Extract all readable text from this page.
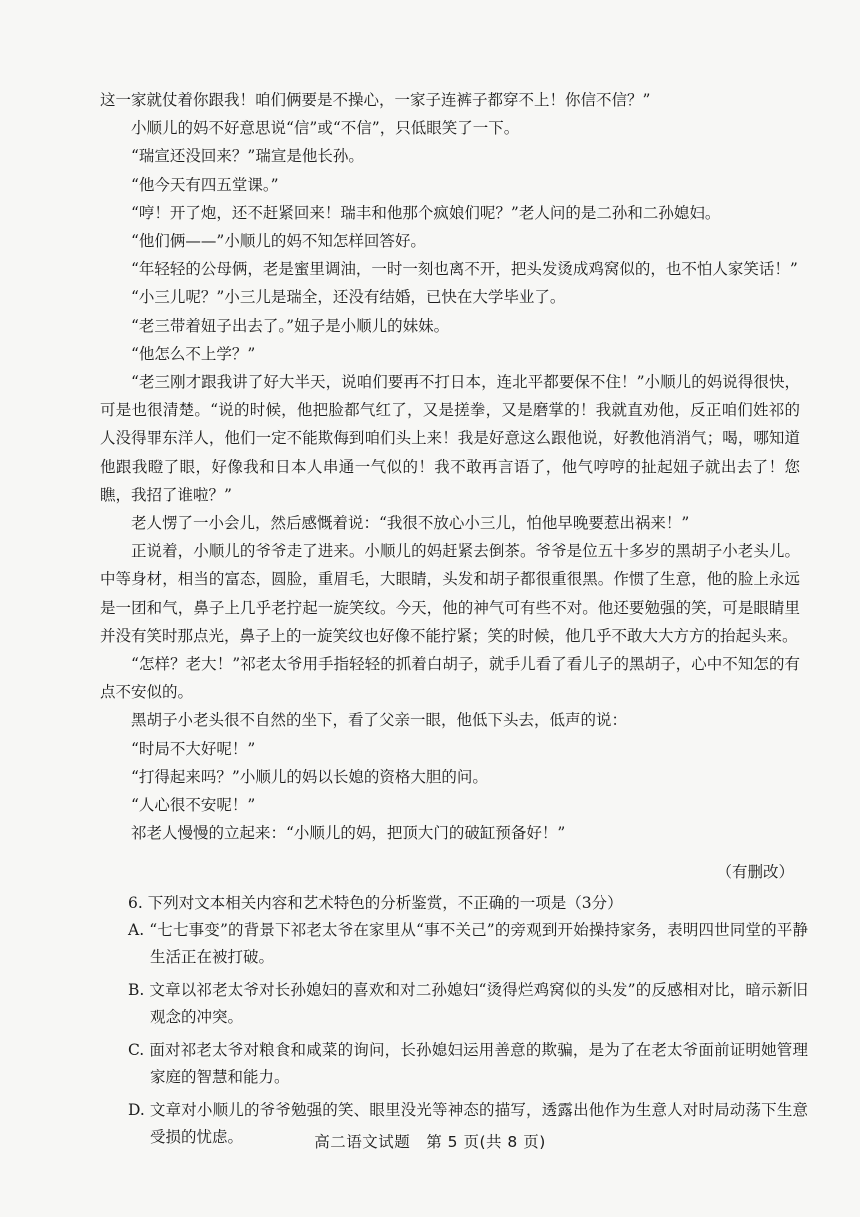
这一家就仗着你跟我！咱们俩要是不操心，一家子连裤子都穿不上！你信不信？”

小顺儿的妈不好意思说“信”或“不信”，只低眼笑了一下。

“瑞宣还没回来？”瑞宣是他长孙。

“他今天有四五堂课。”

“哼！开了炮，还不赶紧回来！瑞丰和他那个疯娘们呢？”老人问的是二孙和二孙媳妇。

“他们俩——”小顺儿的妈不知怎样回答好。

“年轻轻的公母俩，老是蜜里调油，一时一刻也离不开，把头发烫成鸡窝似的，也不怕人家笑话！”

“小三儿呢？”小三儿是瑞全，还没有结婚，已快在大学毕业了。

“老三带着妞子出去了。”妞子是小顺儿的妹妹。

“他怎么不上学？”

“老三刚才跟我讲了好大半天，说咱们要再不打日本，连北平都要保不住！”小顺儿的妈说得很快，可是也很清楚。“说的时候，他把脸都气红了，又是搓拳，又是磨掌的！我就直劝他，反正咱们姓祁的人没得罪东洋人，他们一定不能欺侮到咱们头上来！我是好意这么跟他说，好教他消消气；喝，哪知道他跟我瞪了眼，好像我和日本人串通一气似的！我不敢再言语了，他气哼哼的扯起妞子就出去了！您瞧，我招了谁啦？”

老人愣了一小会儿，然后感慨着说：“我很不放心小三儿，怕他早晚要惹出祸来！”

正说着，小顺儿的爷爷走了进来。小顺儿的妈赶紧去倒茶。爷爷是位五十多岁的黑胡子小老头儿。中等身材，相当的富态，圆脸，重眉毛，大眼睛，头发和胡子都很重很黑。作惯了生意，他的脸上永远是一团和气，鼻子上几乎老拧起一旋笑纹。今天，他的神气可有些不对。他还要勉强的笑，可是眼睛里并没有笑时那点光，鼻子上的一旋笑纹也好像不能拧紧；笑的时候，他几乎不敢大大方方的抬起头来。

“怎样？老大！”祁老太爷用手指轻轻的抓着白胡子，就手儿看了看儿子的黑胡子，心中不知怎的有点不安似的。

黑胡子小老头很不自然的坐下，看了父亲一眼，他低下头去，低声的说：

“时局不大好呢！”

“打得起来吗？”小顺儿的妈以长媳的资格大胆的问。

“人心很不安呢！”

祁老人慢慢的立起来：“小顺儿的妈，把顶大门的破缸预备好！”

（有删改）

6. 下列对文本相关内容和艺术特色的分析鉴赏，不正确的一项是（3分）

A. “七七事变”的背景下祁老太爷在家里从“事不关己”的旁观到开始操持家务，表明四世同堂的平静生活正在被打破。

B. 文章以祁老太爷对长孙媳妇的喜欢和对二孙媳妇“烫得烂鸡窝似的头发”的反感相对比，暗示新旧观念的冲突。

C. 面对祁老太爷对粮食和咸菜的询问，长孙媳妇运用善意的欺骗，是为了在老太爷面前证明她管理家庭的智慧和能力。

D. 文章对小顺儿的爷爷勉强的笑、眼里没光等神态的描写，透露出他作为生意人对时局动荡下生意受损的忧虑。	高二语文试题　第 5 页(共 8 页)
